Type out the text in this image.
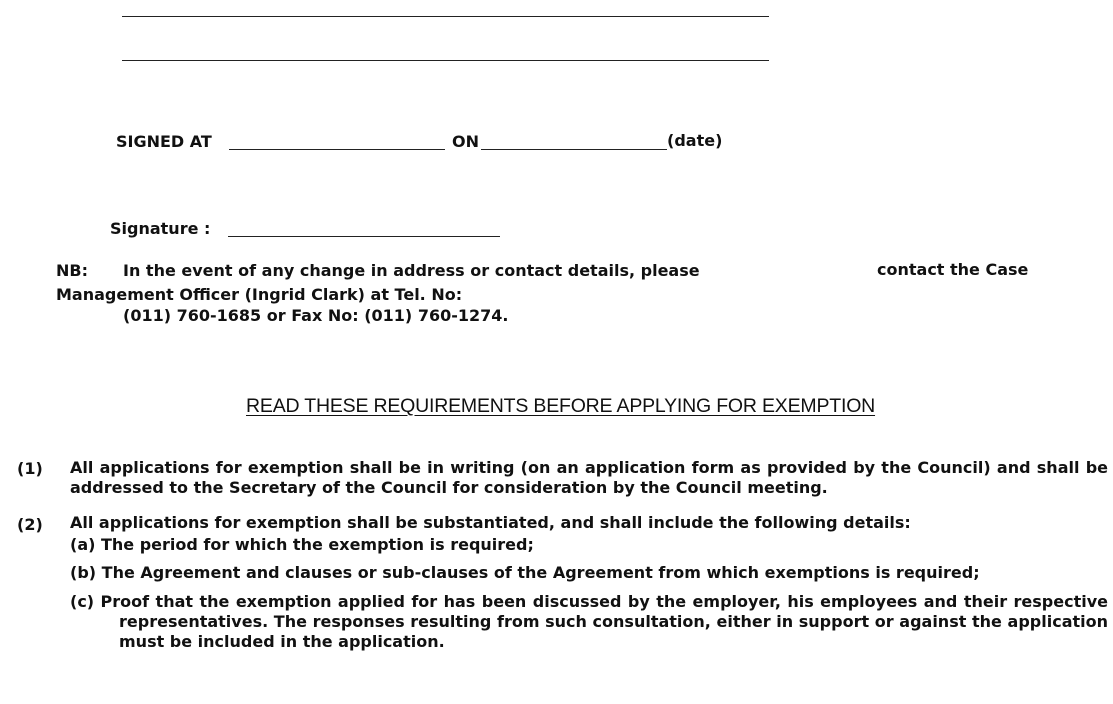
SIGNED AT	ON	(date)
Signature :
NB: In the event of any change in address or contact details, please	contact the Case
Management Officer (Ingrid Clark) at Tel. No:
(011) 760-1685 or Fax No: (011) 760-1274.
READ THESE REQUIREMENTS BEFORE APPLYING FOR EXEMPTION
(1) All applications for exemption shall be in writing (on an application form as provided by the Council) and shall be addressed to the Secretary of the Council for consideration by the Council meeting.
(2) All applications for exemption shall be substantiated, and shall include the following details:
(a) The period for which the exemption is required;
(b) The Agreement and clauses or sub-clauses of the Agreement from which exemptions is required;
(c) Proof that the exemption applied for has been discussed by the employer, his employees and their respective representatives. The responses resulting from such consultation, either in support or against the application must be included in the application.
